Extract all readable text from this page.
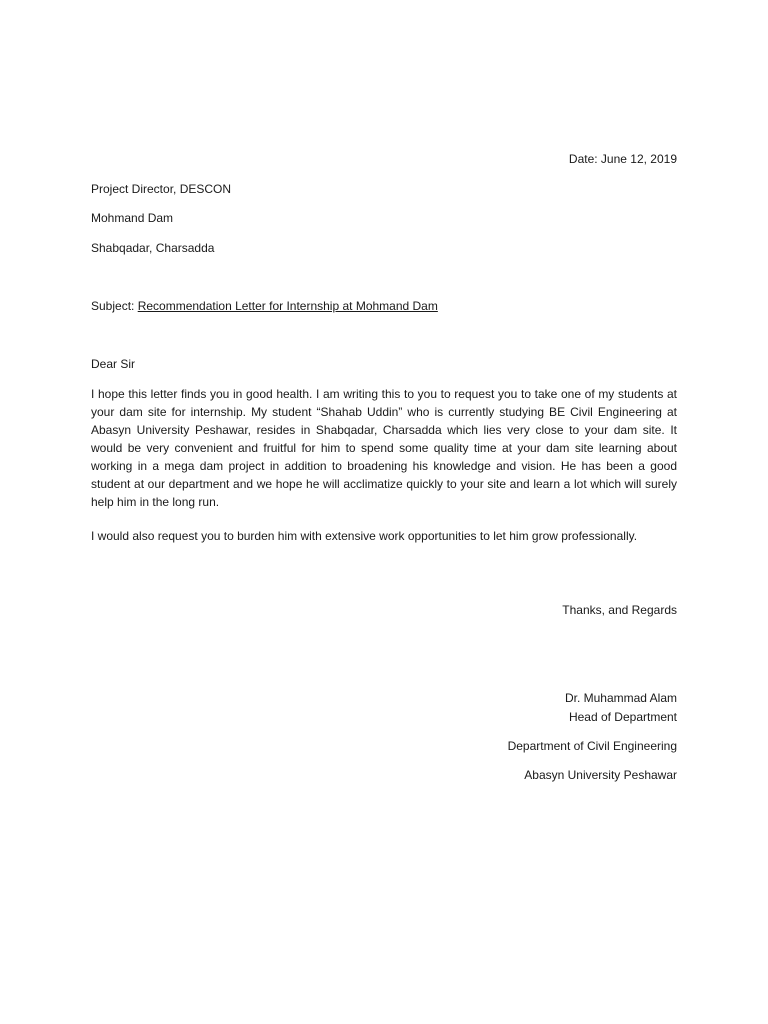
Date: June 12, 2019
Project Director, DESCON
Mohmand Dam
Shabqadar, Charsadda
Subject: Recommendation Letter for Internship at Mohmand Dam
Dear Sir
I hope this letter finds you in good health. I am writing this to you to request you to take one of my students at your dam site for internship. My student “Shahab Uddin” who is currently studying BE Civil Engineering at Abasyn University Peshawar, resides in Shabqadar, Charsadda which lies very close to your dam site. It would be very convenient and fruitful for him to spend some quality time at your dam site learning about working in a mega dam project in addition to broadening his knowledge and vision. He has been a good student at our department and we hope he will acclimatize quickly to your site and learn a lot which will surely help him in the long run.
I would also request you to burden him with extensive work opportunities to let him grow professionally.
Thanks, and Regards
Dr. Muhammad Alam
Head of Department
Department of Civil Engineering
Abasyn University Peshawar
